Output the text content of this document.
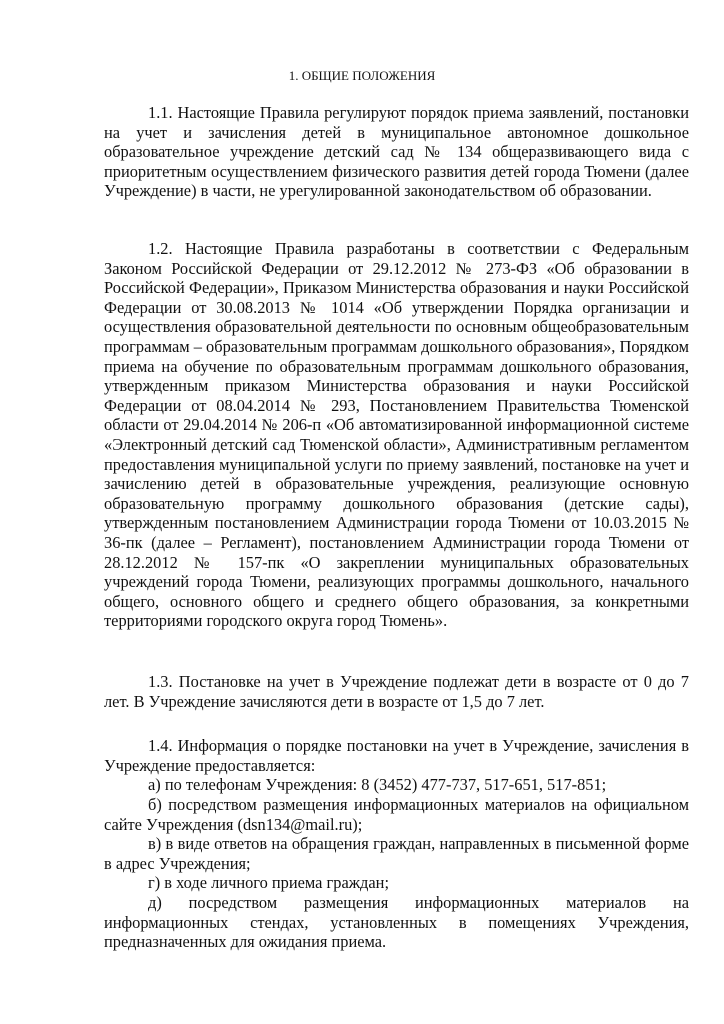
1. ОБЩИЕ ПОЛОЖЕНИЯ

1.1. Настоящие Правила регулируют порядок приема заявлений, постановки на учет и зачисления детей в муниципальное автономное дошкольное образовательное учреждение детский сад № 134 общеразвивающего вида с приоритетным осуществлением физического развития детей города Тюмени (далее Учреждение) в части, не урегулированной законодательством об образовании.

1.2. Настоящие Правила разработаны в соответствии с Федеральным Законом Российской Федерации от 29.12.2012 № 273-ФЗ «Об образовании в Российской Федерации», Приказом Министерства образования и науки Российской Федерации от 30.08.2013 № 1014 «Об утверждении Порядка организации и осуществления образовательной деятельности по основным общеобразовательным программам – образовательным программам дошкольного образования», Порядком приема на обучение по образовательным программам дошкольного образования, утвержденным приказом Министерства образования и науки Российской Федерации от 08.04.2014 № 293, Постановлением Правительства Тюменской области от 29.04.2014 № 206-п «Об автоматизированной информационной системе «Электронный детский сад Тюменской области», Административным регламентом предоставления муниципальной услуги по приему заявлений, постановке на учет и зачислению детей в образовательные учреждения, реализующие основную образовательную программу дошкольного образования (детские сады), утвержденным постановлением Администрации города Тюмени от 10.03.2015 № 36-пк (далее – Регламент), постановлением Администрации города Тюмени от 28.12.2012 № 157-пк «О закреплении муниципальных образовательных учреждений города Тюмени, реализующих программы дошкольного, начального общего, основного общего и среднего общего образования, за конкретными территориями городского округа город Тюмень».

1.3. Постановке на учет в Учреждение подлежат дети в возрасте от 0 до 7 лет. В Учреждение зачисляются дети в возрасте от 1,5 до 7 лет.

1.4. Информация о порядке постановки на учет в Учреждение, зачисления в Учреждение предоставляется:

а) по телефонам Учреждения: 8 (3452) 477-737, 517-651, 517-851;

б) посредством размещения информационных материалов на официальном сайте Учреждения (dsn134@mail.ru);

в) в виде ответов на обращения граждан, направленных в письменной форме в адрес Учреждения;

г) в ходе личного приема граждан;

д) посредством размещения информационных материалов на информационных стендах, установленных в помещениях Учреждения, предназначенных для ожидания приема.
